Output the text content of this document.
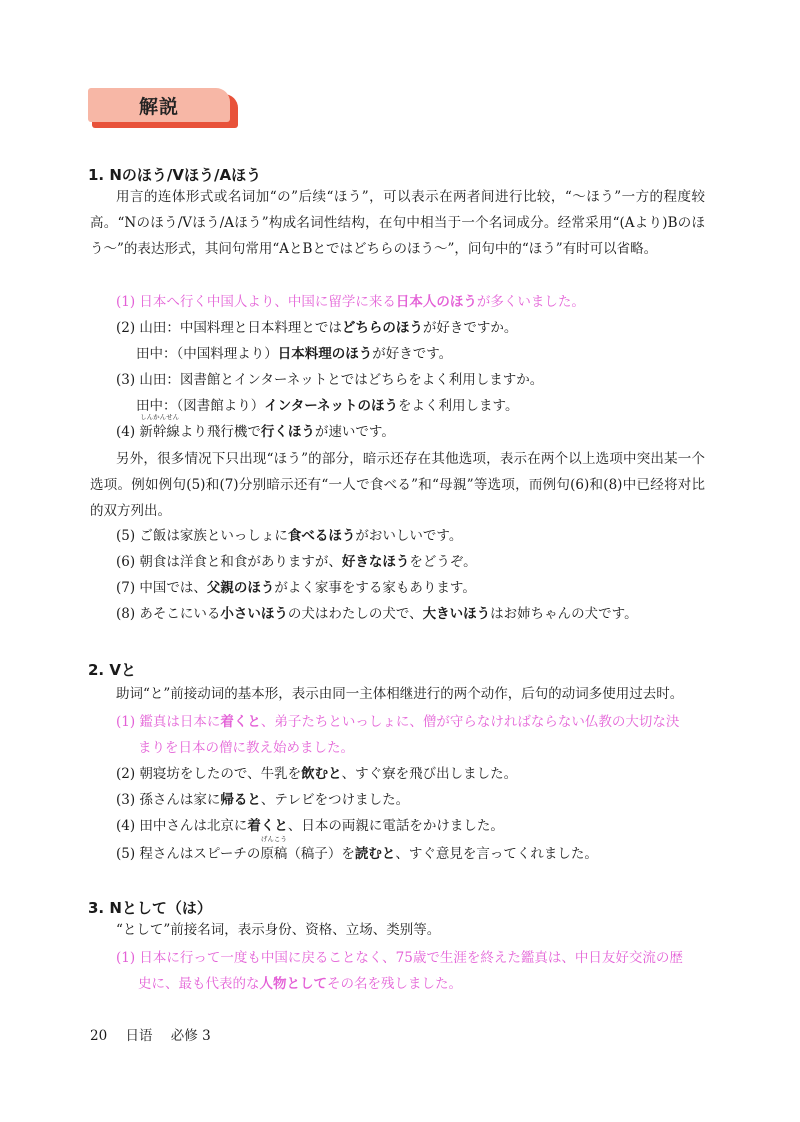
解説
1. Nのほう/Vほう/Aほう
用言的连体形式或名词加“の”后续“ほう”，可以表示在两者间进行比较，“〜ほう”一方的程度较高。“Nのほう/Vほう/Aほう”构成名词性结构，在句中相当于一个名词成分。经常采用“(Aより)Bのほう〜”的表达形式，其问句常用“AとBとではどちらのほう〜”，问句中的“ほう”有时可以省略。
(1) 日本へ行く中国人より、中国に留学に来る日本人のほうが多くいました。
(2) 山田：中国料理と日本料理とではどちらのほうが好きですか。
田中：（中国料理より）日本料理のほうが好きです。
(3) 山田：図書館とインターネットとではどちらをよく利用しますか。
田中：（図書館より）インターネットのほうをよく利用します。
(4)
しんかんせん
新幹線より飛行機で行くほうが速いです。
另外，很多情况下只出现“ほう”的部分，暗示还存在其他选项，表示在两个以上选项中突出某一个选项。例如例句(5)和(7)分别暗示还有“一人で食べる”和“母親”等选项，而例句(6)和(8)中已经将对比的双方列出。
(5) ご飯は家族といっしょに食べるほうがおいしいです。
(6) 朝食は洋食と和食がありますが、好きなほうをどうぞ。
(7) 中国では、父親のほうがよく家事をする家もあります。
(8) あそこにいる小さいほうの犬はわたしの犬で、大きいほうはお姉ちゃんの犬です。
2. Vと
助词“と”前接动词的基本形，表示由同一主体相继进行的两个动作，后句的动词多使用过去时。
(1) 鑑真は日本に着くと、弟子たちといっしょに、僧が守らなければならない仏教の大切な決
まりを日本の僧に教え始めました。
(2) 朝寝坊をしたので、牛乳を飲むと、すぐ寮を飛び出しました。
(3) 孫さんは家に帰ると、テレビをつけました。
(4) 田中さんは北京に着くと、日本の両親に電話をかけました。
(5) 程さんはスピーチの
げんこう
原稿（稿子）を読むと、すぐ意見を言ってくれました。
3. Nとして（は）
“として”前接名词，表示身份、资格、立场、类别等。
(1) 日本に行って一度も中国に戻ることなく、75歳で生涯を終えた鑑真は、中日友好交流の歴
史に、最も代表的な人物としてその名を残しました。
20 日语 必修 3
